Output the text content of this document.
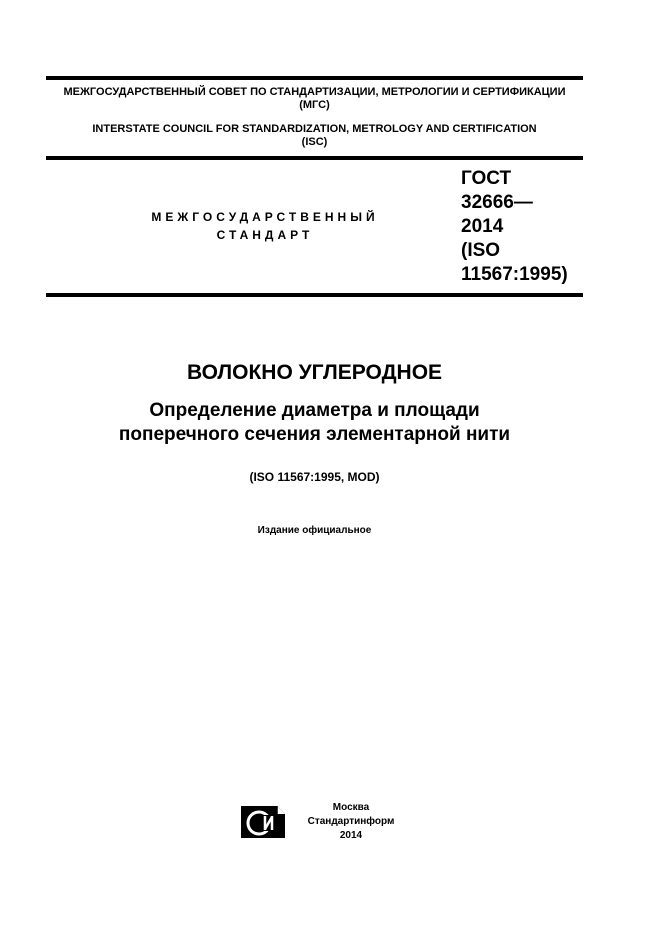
МЕЖГОСУДАРСТВЕННЫЙ СОВЕТ ПО СТАНДАРТИЗАЦИИ, МЕТРОЛОГИИ И СЕРТИФИКАЦИИ
(МГС)
INTERSTATE COUNCIL FOR STANDARDIZATION, METROLOGY AND CERTIFICATION
(ISC)
МЕЖГОСУДАРСТВЕННЫЙ
СТАНДАРТ
ГОСТ
32666—
2014
(ISO
11567:1995)
ВОЛОКНО УГЛЕРОДНОЕ
Определение диаметра и площади
поперечного сечения элементарной нити
(ISO 11567:1995, MOD)
Издание официальное
Москва
Стандартинформ
2014
